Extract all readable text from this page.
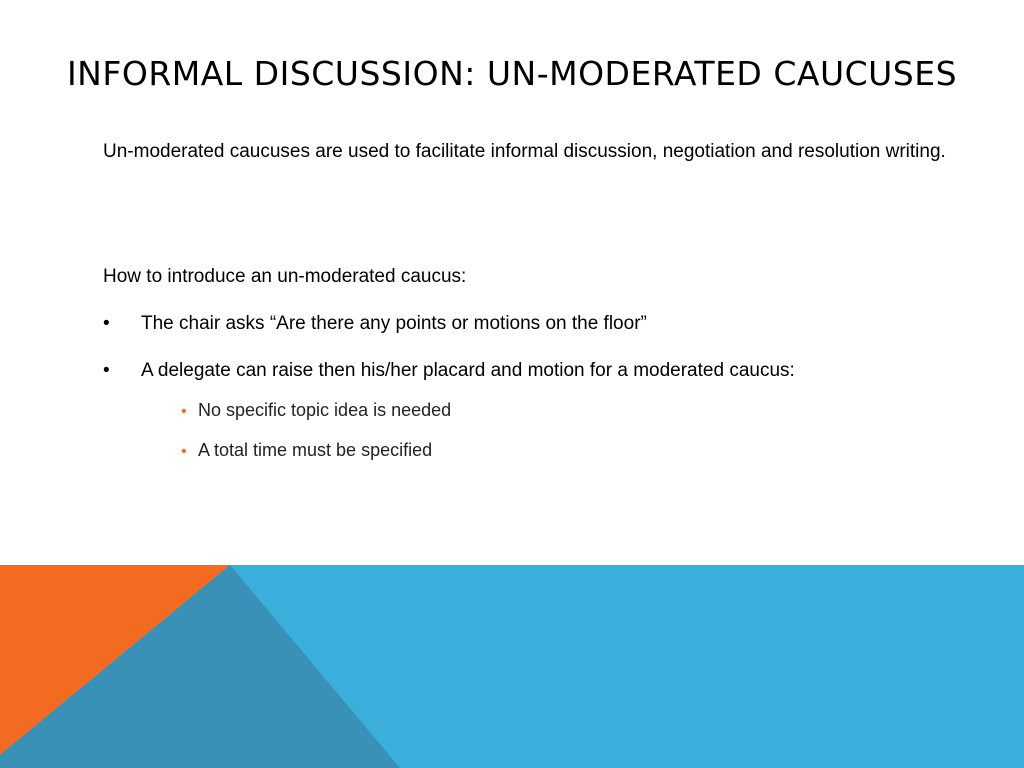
INFORMAL DISCUSSION: UN-MODERATED CAUCUSES
Un-moderated caucuses are used to facilitate informal discussion, negotiation and resolution writing.
How to introduce an un-moderated caucus:
• The chair asks “Are there any points or motions on the floor”
• A delegate can raise then his/her placard and motion for a moderated caucus:
• No specific topic idea is needed
• A total time must be specified
